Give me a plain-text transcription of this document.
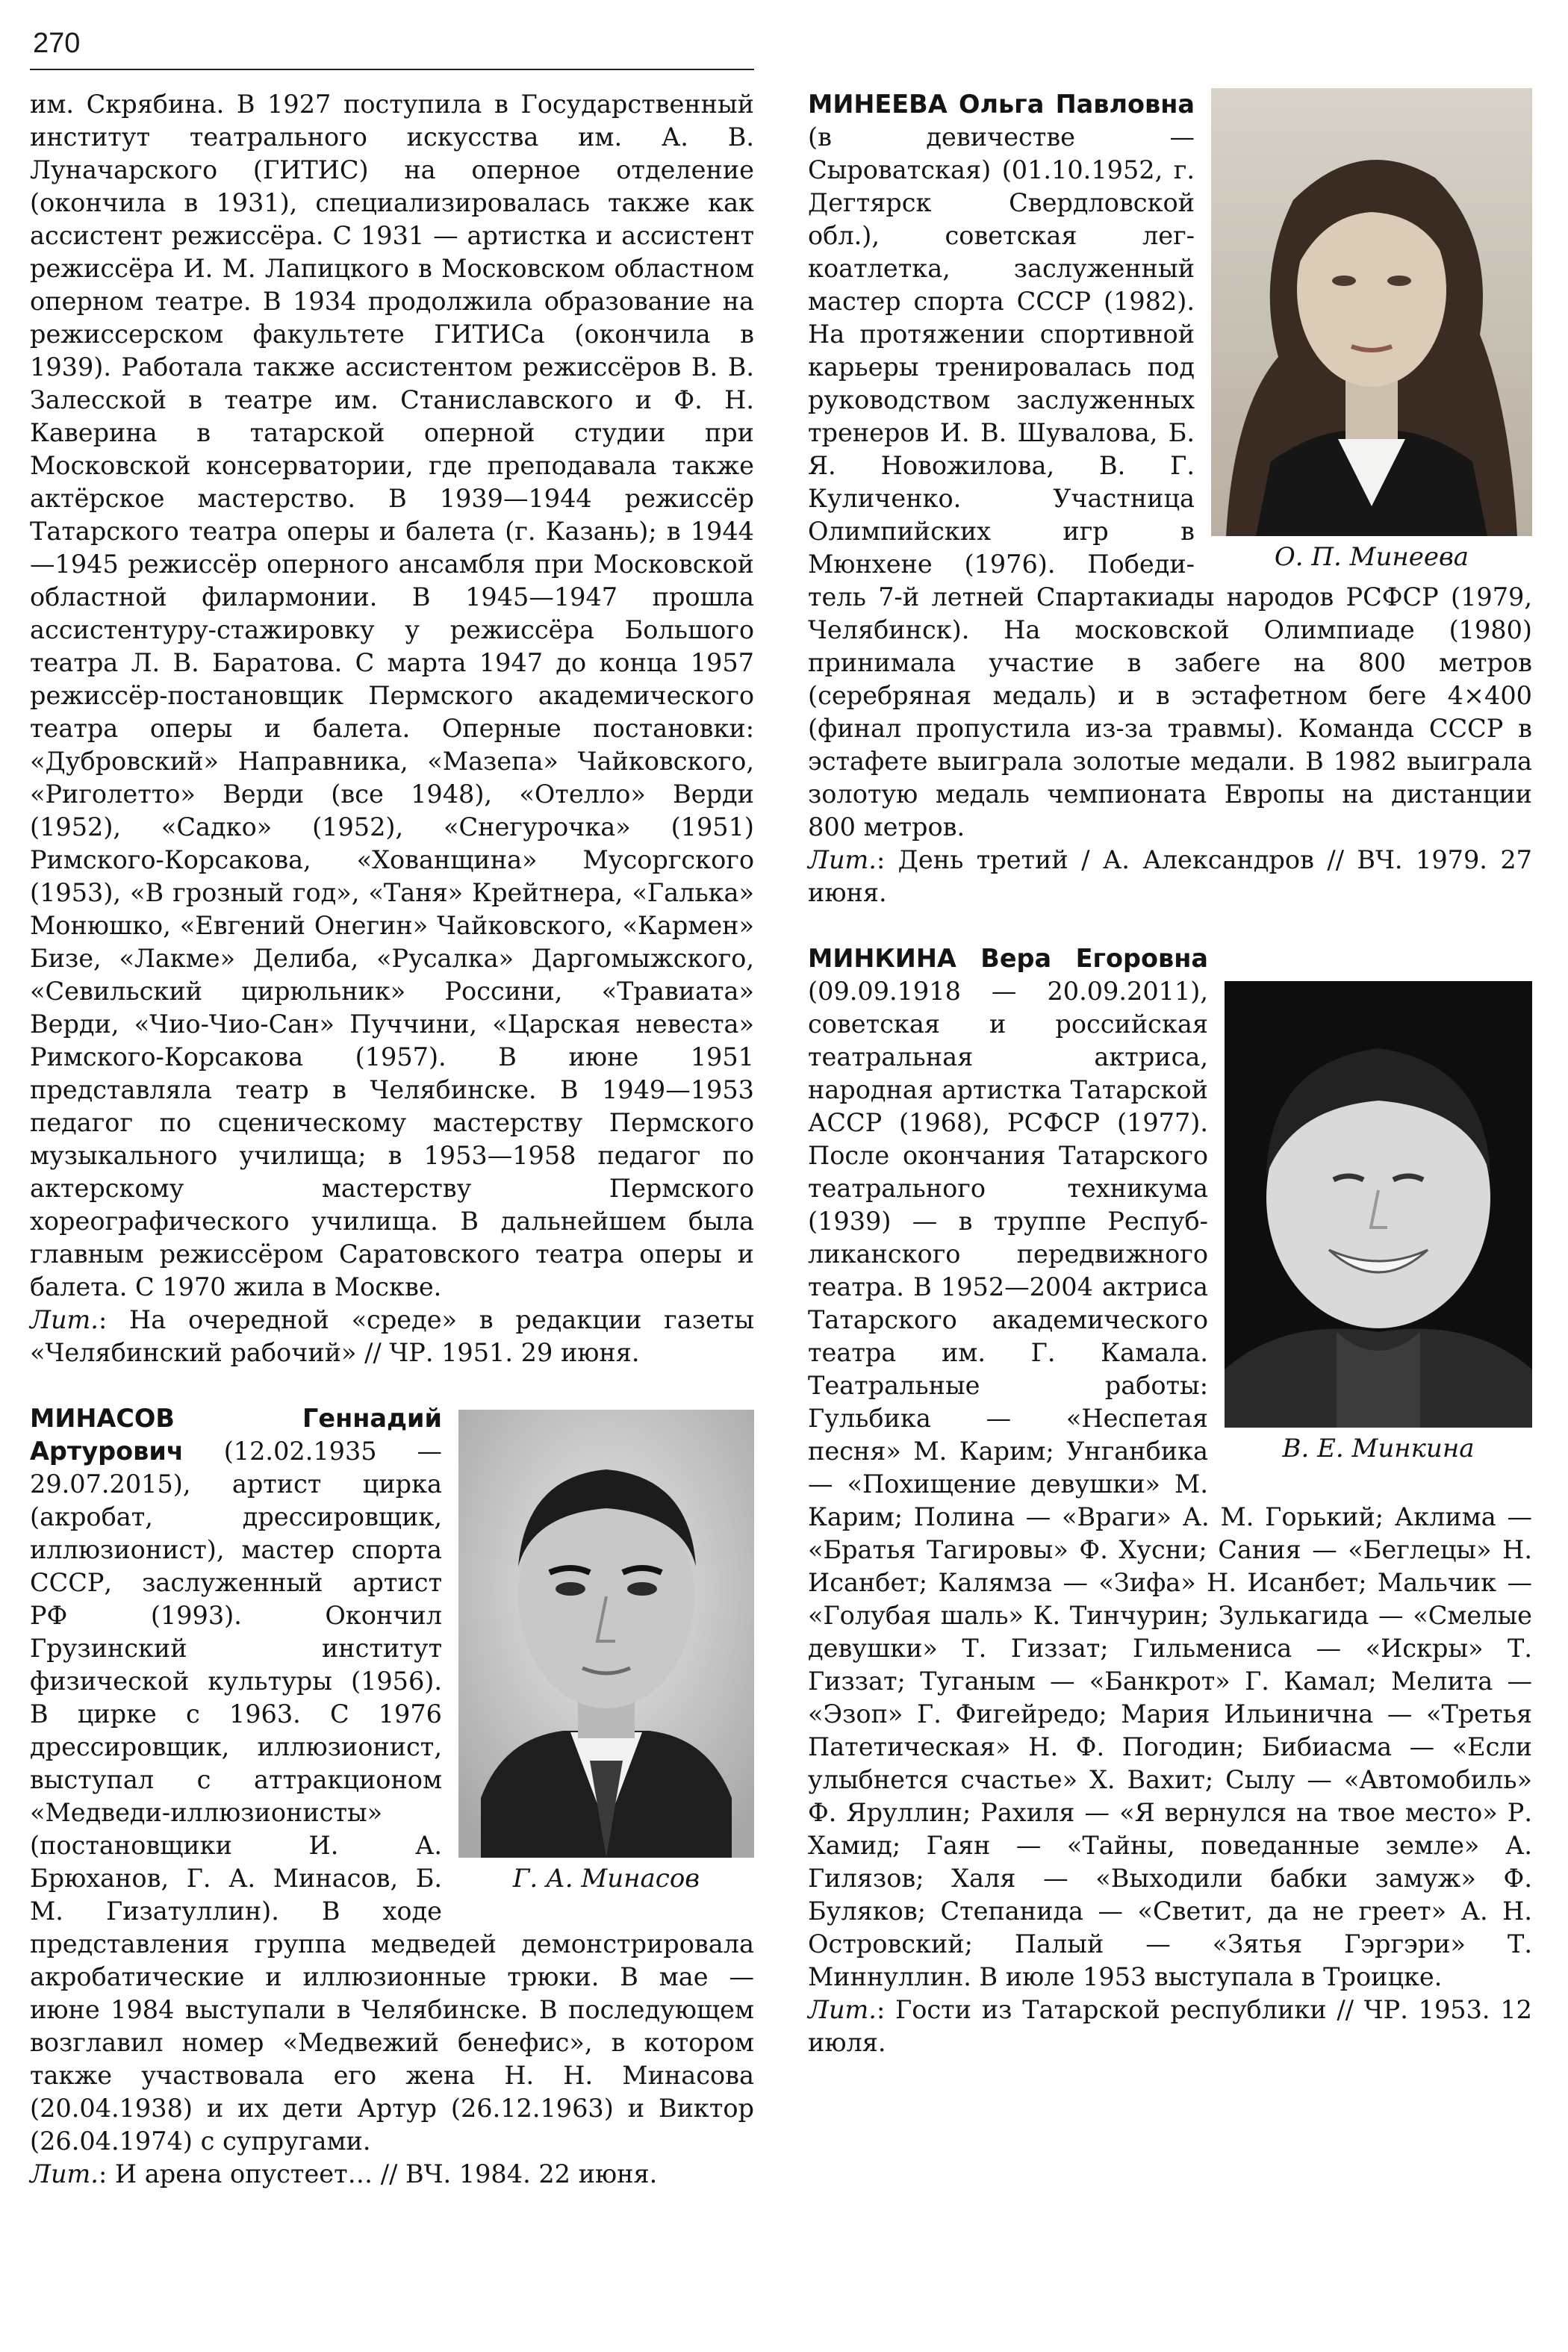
270

им. Скрябина. В 1927 поступила в Государственный институт театрального искусства им. А. В. Луначарского (ГИТИС) на оперное отделение (окончила в 1931), специализировалась также как ассистент режиссёра. С 1931 — артистка и ассистент режиссёра И. М. Лапицкого в Московском областном оперном театре. В 1934 продолжила образование на режиссерском факультете ГИТИСа (окончила в 1939). Работала также ассистентом режиссёров В. В. Залесской в театре им. Станиславского и Ф. Н. Каверина в татарской оперной студии при Московской консерватории, где преподавала также актёрское мастерство. В 1939—1944 режиссёр Татарского театра оперы и балета (г. Казань); в 1944—1945 режиссёр оперного ансамбля при Московской областной филармонии. В 1945—1947 прошла ассистентуру-стажировку у режиссёра Большого театра Л. В. Баратова. С марта 1947 до конца 1957 режиссёр-постановщик Пермского академического театра оперы и балета. Оперные постановки: «Дубровский» Направника, «Мазепа» Чайковского, «Риголетто» Верди (все 1948), «Отелло» Верди (1952), «Садко» (1952), «Снегурочка» (1951) Римского-Корсакова, «Хованщина» Мусоргского (1953), «В грозный год», «Таня» Крейтнера, «Галька» Монюшко, «Евгений Онегин» Чайковского, «Кармен» Бизе, «Лакме» Делиба, «Русалка» Даргомыжского, «Севильский цирюльник» Россини, «Травиата» Верди, «Чио-Чио-Сан» Пуччини, «Царская невеста» Римского-Корсакова (1957). В июне 1951 представляла театр в Челябинске. В 1949—1953 педагог по сценическому мастерству Пермского музыкального училища; в 1953—1958 педагог по актерскому мастерству Пермского хореографического училища. В дальнейшем была главным режиссёром Саратовского театра оперы и балета. С 1970 жила в Москве.

Лит.: На очередной «среде» в редакции газеты «Челябинский рабочий» // ЧР. 1951. 29 июня.

Г. А. Минасов
МИНАСОВ Геннадий Артурович (12.02.1935 — 29.07.2015), артист цирка (акробат, дрессировщик, иллюзионист), мастер спорта СССР, заслуженный артист РФ (1993). Окончил Грузинский институт физической культуры (1956). В цирке с 1963. С 1976 дрессировщик, иллюзионист, выступал с аттракционом «Медведи-иллюзионисты» (постановщики И. А. Брюханов, Г. А. Минасов, Б. М. Гизатуллин). В ходе представления группа медведей демонстрировала акробатические и иллюзионные трюки. В мае — июне 1984 выступали в Челябинске. В последующем возглавил номер «Медвежий бенефис», в котором также участвовала его жена Н. Н. Минасова (20.04.1938) и их дети Артур (26.12.1963) и Виктор (26.04.1974) с супругами.

Лит.: И арена опустеет… // ВЧ. 1984. 22 июня.

О. П. Минеева
МИНЕЕВА Ольга Павловна (в девичестве — Сыроватская) (01.10.1952, г. Дегтярск Свердловской обл.), советская легкоатлетка, заслуженный мастер спорта СССР (1982). На протяжении спортивной карьеры тренировалась под руководством заслуженных тренеров И. В. Шувалова, Б. Я. Новожилова, В. Г. Куличенко. Участница Олимпийских игр в Мюнхене (1976). Победитель 7-й летней Спартакиады народов РСФСР (1979, Челябинск). На московской Олимпиаде (1980) принимала участие в забеге на 800 метров (серебряная медаль) и в эстафетном беге 4×400 (финал пропустила из-за травмы). Команда СССР в эстафете выиграла золотые медали. В 1982 выиграла золотую медаль чемпионата Европы на дистанции 800 метров.

Лит.: День третий / А. Александров // ВЧ. 1979. 27 июня.

В. Е. Минкина
МИНКИНА Вера Егоровна (09.09.1918 — 20.09.2011), советская и российская театральная актриса, народная артистка Татарской АССР (1968), РСФСР (1977). После окончания Татарского театрального техникума (1939) — в труппе Республиканского передвижного театра. В 1952—2004 актриса Татарского академического театра им. Г. Камала. Театральные работы: Гульбика — «Неспетая песня» М. Карим; Унганбика — «Похищение девушки» М. Карим; Полина — «Враги» А. М. Горький; Аклима — «Братья Тагировы» Ф. Хусни; Сания — «Беглецы» Н. Исанбет; Калямза — «Зифа» Н. Исанбет; Мальчик — «Голубая шаль» К. Тинчурин; Зулькагида — «Смелые девушки» Т. Гиззат; Гильмениса — «Искры» Т. Гиззат; Туганым — «Банкрот» Г. Камал; Мелита — «Эзоп» Г. Фигейредо; Мария Ильинична — «Третья Патетическая» Н. Ф. Погодин; Бибиасма — «Если улыбнется счастье» Х. Вахит; Сылу — «Автомобиль» Ф. Яруллин; Рахиля — «Я вернулся на твое место» Р. Хамид; Гаян — «Тайны, поведанные земле» А. Гилязов; Халя — «Выходили бабки замуж» Ф. Буляков; Степанида — «Светит, да не греет» А. Н. Островский; Палый — «Зятья Гэргэри» Т. Миннуллин. В июле 1953 выступала в Троицке.

Лит.: Гости из Татарской республики // ЧР. 1953. 12 июля.
